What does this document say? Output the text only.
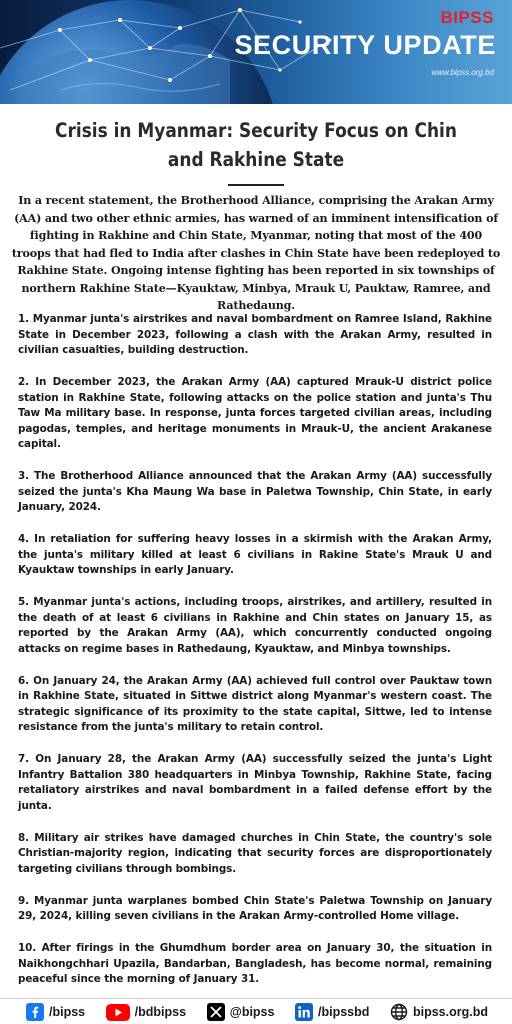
BIPSS
SECURITY UPDATE
www.bipss.org.bd
Crisis in Myanmar: Security Focus on Chin and Rakhine State
In a recent statement, the Brotherhood Alliance, comprising the Arakan Army (AA) and two other ethnic armies, has warned of an imminent intensification of fighting in Rakhine and Chin State, Myanmar, noting that most of the 400 troops that had fled to India after clashes in Chin State have been redeployed to Rakhine State. Ongoing intense fighting has been reported in six townships of northern Rakhine State—Kyauktaw, Minbya, Mrauk U, Pauktaw, Ramree, and Rathedaung.
1. Myanmar junta's airstrikes and naval bombardment on Ramree Island, Rakhine State in December 2023, following a clash with the Arakan Army, resulted in civilian casualties, building destruction.
2. In December 2023, the Arakan Army (AA) captured Mrauk-U district police station in Rakhine State, following attacks on the police station and junta's Thu Taw Ma military base. In response, junta forces targeted civilian areas, including pagodas, temples, and heritage monuments in Mrauk-U, the ancient Arakanese capital.
3. The Brotherhood Alliance announced that the Arakan Army (AA) successfully seized the junta's Kha Maung Wa base in Paletwa Township, Chin State, in early January, 2024.
4. In retaliation for suffering heavy losses in a skirmish with the Arakan Army, the junta's military killed at least 6 civilians in Rakine State's Mrauk U and Kyauktaw townships in early January.
5. Myanmar junta's actions, including troops, airstrikes, and artillery, resulted in the death of at least 6 civilians in Rakhine and Chin states on January 15, as reported by the Arakan Army (AA), which concurrently conducted ongoing attacks on regime bases in Rathedaung, Kyauktaw, and Minbya townships.
6. On January 24, the Arakan Army (AA) achieved full control over Pauktaw town in Rakhine State, situated in Sittwe district along Myanmar's western coast. The strategic significance of its proximity to the state capital, Sittwe, led to intense resistance from the junta's military to retain control.
7. On January 28, the Arakan Army (AA) successfully seized the junta's Light Infantry Battalion 380 headquarters in Minbya Township, Rakhine State, facing retaliatory airstrikes and naval bombardment in a failed defense effort by the junta.
8. Military air strikes have damaged churches in Chin State, the country's sole Christian-majority region, indicating that security forces are disproportionately targeting civilians through bombings.
9. Myanmar junta warplanes bombed Chin State's Paletwa Township on January 29, 2024, killing seven civilians in the Arakan Army-controlled Home village.
10. After firings in the Ghumdhum border area on January 30, the situation in Naikhongchhari Upazila, Bandarban, Bangladesh, has become normal, remaining peaceful since the morning of January 31.
/bipss	/bdbipss	@bipss	/bipssbd	bipss.org.bd
